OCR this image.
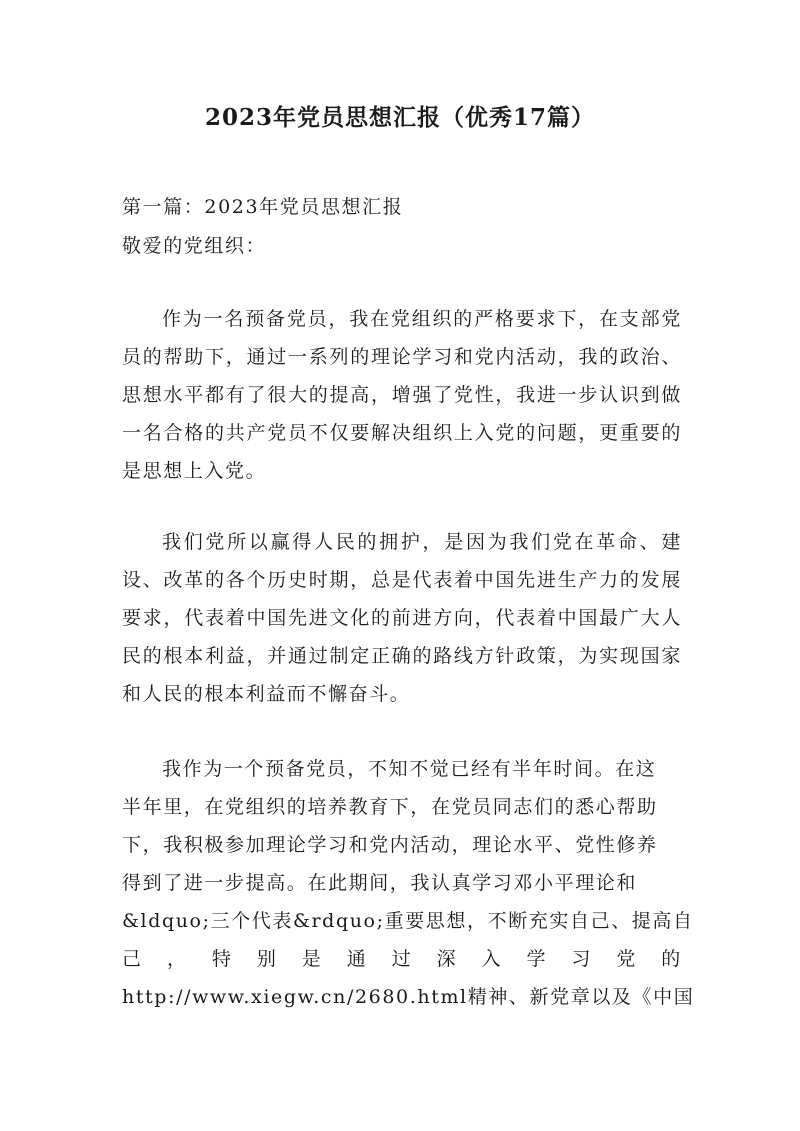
2023年党员思想汇报（优秀17篇）
第一篇：2023年党员思想汇报
敬爱的党组织：
作为一名预备党员，我在党组织的严格要求下，在支部党员的帮助下，通过一系列的理论学习和党内活动，我的政治、思想水平都有了很大的提高，增强了党性，我进一步认识到做一名合格的共产党员不仅要解决组织上入党的问题，更重要的是思想上入党。
我们党所以赢得人民的拥护，是因为我们党在革命、建设、改革的各个历史时期，总是代表着中国先进生产力的发展要求，代表着中国先进文化的前进方向，代表着中国最广大人民的根本利益，并通过制定正确的路线方针政策，为实现国家和人民的根本利益而不懈奋斗。
我作为一个预备党员，不知不觉已经有半年时间。在这
半年里，在党组织的培养教育下，在党员同志们的悉心帮助
下，我积极参加理论学习和党内活动，理论水平、党性修养
得到了进一步提高。在此期间，我认真学习邓小平理论和
&ldquo;三个代表&rdquo;重要思想，不断充实自己、提高自
己 ， 特 别 是 通 过 深 入 学 习 党 的
http://www.xiegw.cn/2680.html精神、新党章以及《中国
